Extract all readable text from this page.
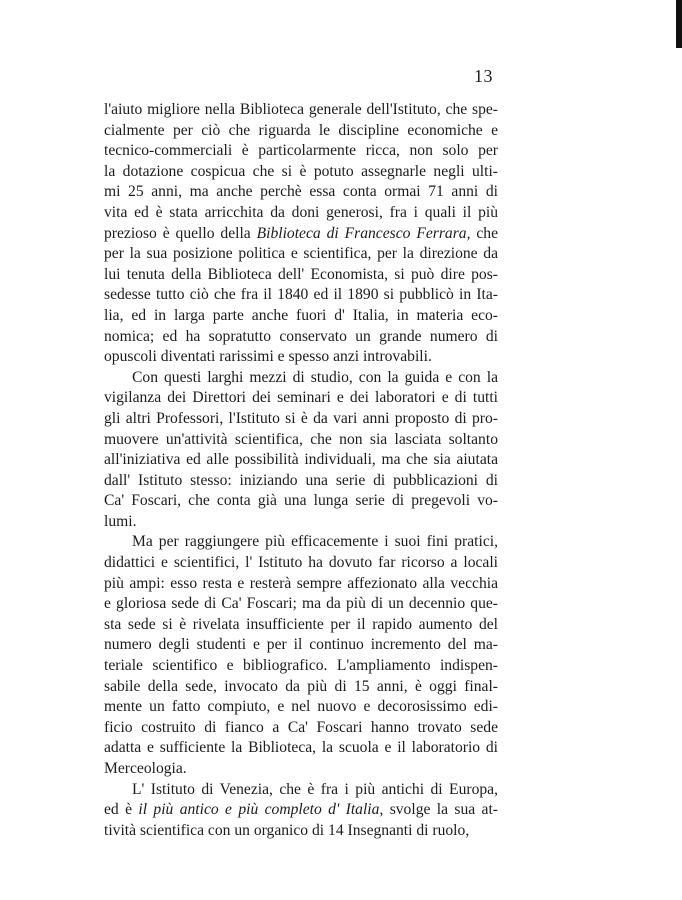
13
l'aiuto migliore nella Biblioteca generale dell'Istituto, che spe-
cialmente per ciò che riguarda le discipline economiche e
tecnico-commerciali è particolarmente ricca, non solo per
la dotazione cospicua che si è potuto assegnarle negli ulti-
mi 25 anni, ma anche perchè essa conta ormai 71 anni di
vita ed è stata arricchita da doni generosi, fra i quali il più
prezioso è quello della Biblioteca di Francesco Ferrara, che
per la sua posizione politica e scientifica, per la direzione da
lui tenuta della Biblioteca dell' Economista, si può dire pos-
sedesse tutto ciò che fra il 1840 ed il 1890 si pubblicò in Ita-
lia, ed in larga parte anche fuori d' Italia, in materia eco-
nomica; ed ha sopratutto conservato un grande numero di
opuscoli diventati rarissimi e spesso anzi introvabili.
Con questi larghi mezzi di studio, con la guida e con la
vigilanza dei Direttori dei seminari e dei laboratori e di tutti
gli altri Professori, l'Istituto si è da vari anni proposto di pro-
muovere un'attività scientifica, che non sia lasciata soltanto
all'iniziativa ed alle possibilità individuali, ma che sia aiutata
dall' Istituto stesso: iniziando una serie di pubblicazioni di
Ca' Foscari, che conta già una lunga serie di pregevoli vo-
lumi.
Ma per raggiungere più efficacemente i suoi fini pratici,
didattici e scientifici, l' Istituto ha dovuto far ricorso a locali
più ampi: esso resta e resterà sempre affezionato alla vecchia
e gloriosa sede di Ca' Foscari; ma da più di un decennio que-
sta sede si è rivelata insufficiente per il rapido aumento del
numero degli studenti e per il continuo incremento del ma-
teriale scientifico e bibliografico. L'ampliamento indispen-
sabile della sede, invocato da più di 15 anni, è oggi final-
mente un fatto compiuto, e nel nuovo e decorosissimo edi-
ficio costruito di fianco a Ca' Foscari hanno trovato sede
adatta e sufficiente la Biblioteca, la scuola e il laboratorio di
Merceologia.
L' Istituto di Venezia, che è fra i più antichi di Europa,
ed è il più antico e più completo d' Italia, svolge la sua at-
tività scientifica con un organico di 14 Insegnanti di ruolo,
